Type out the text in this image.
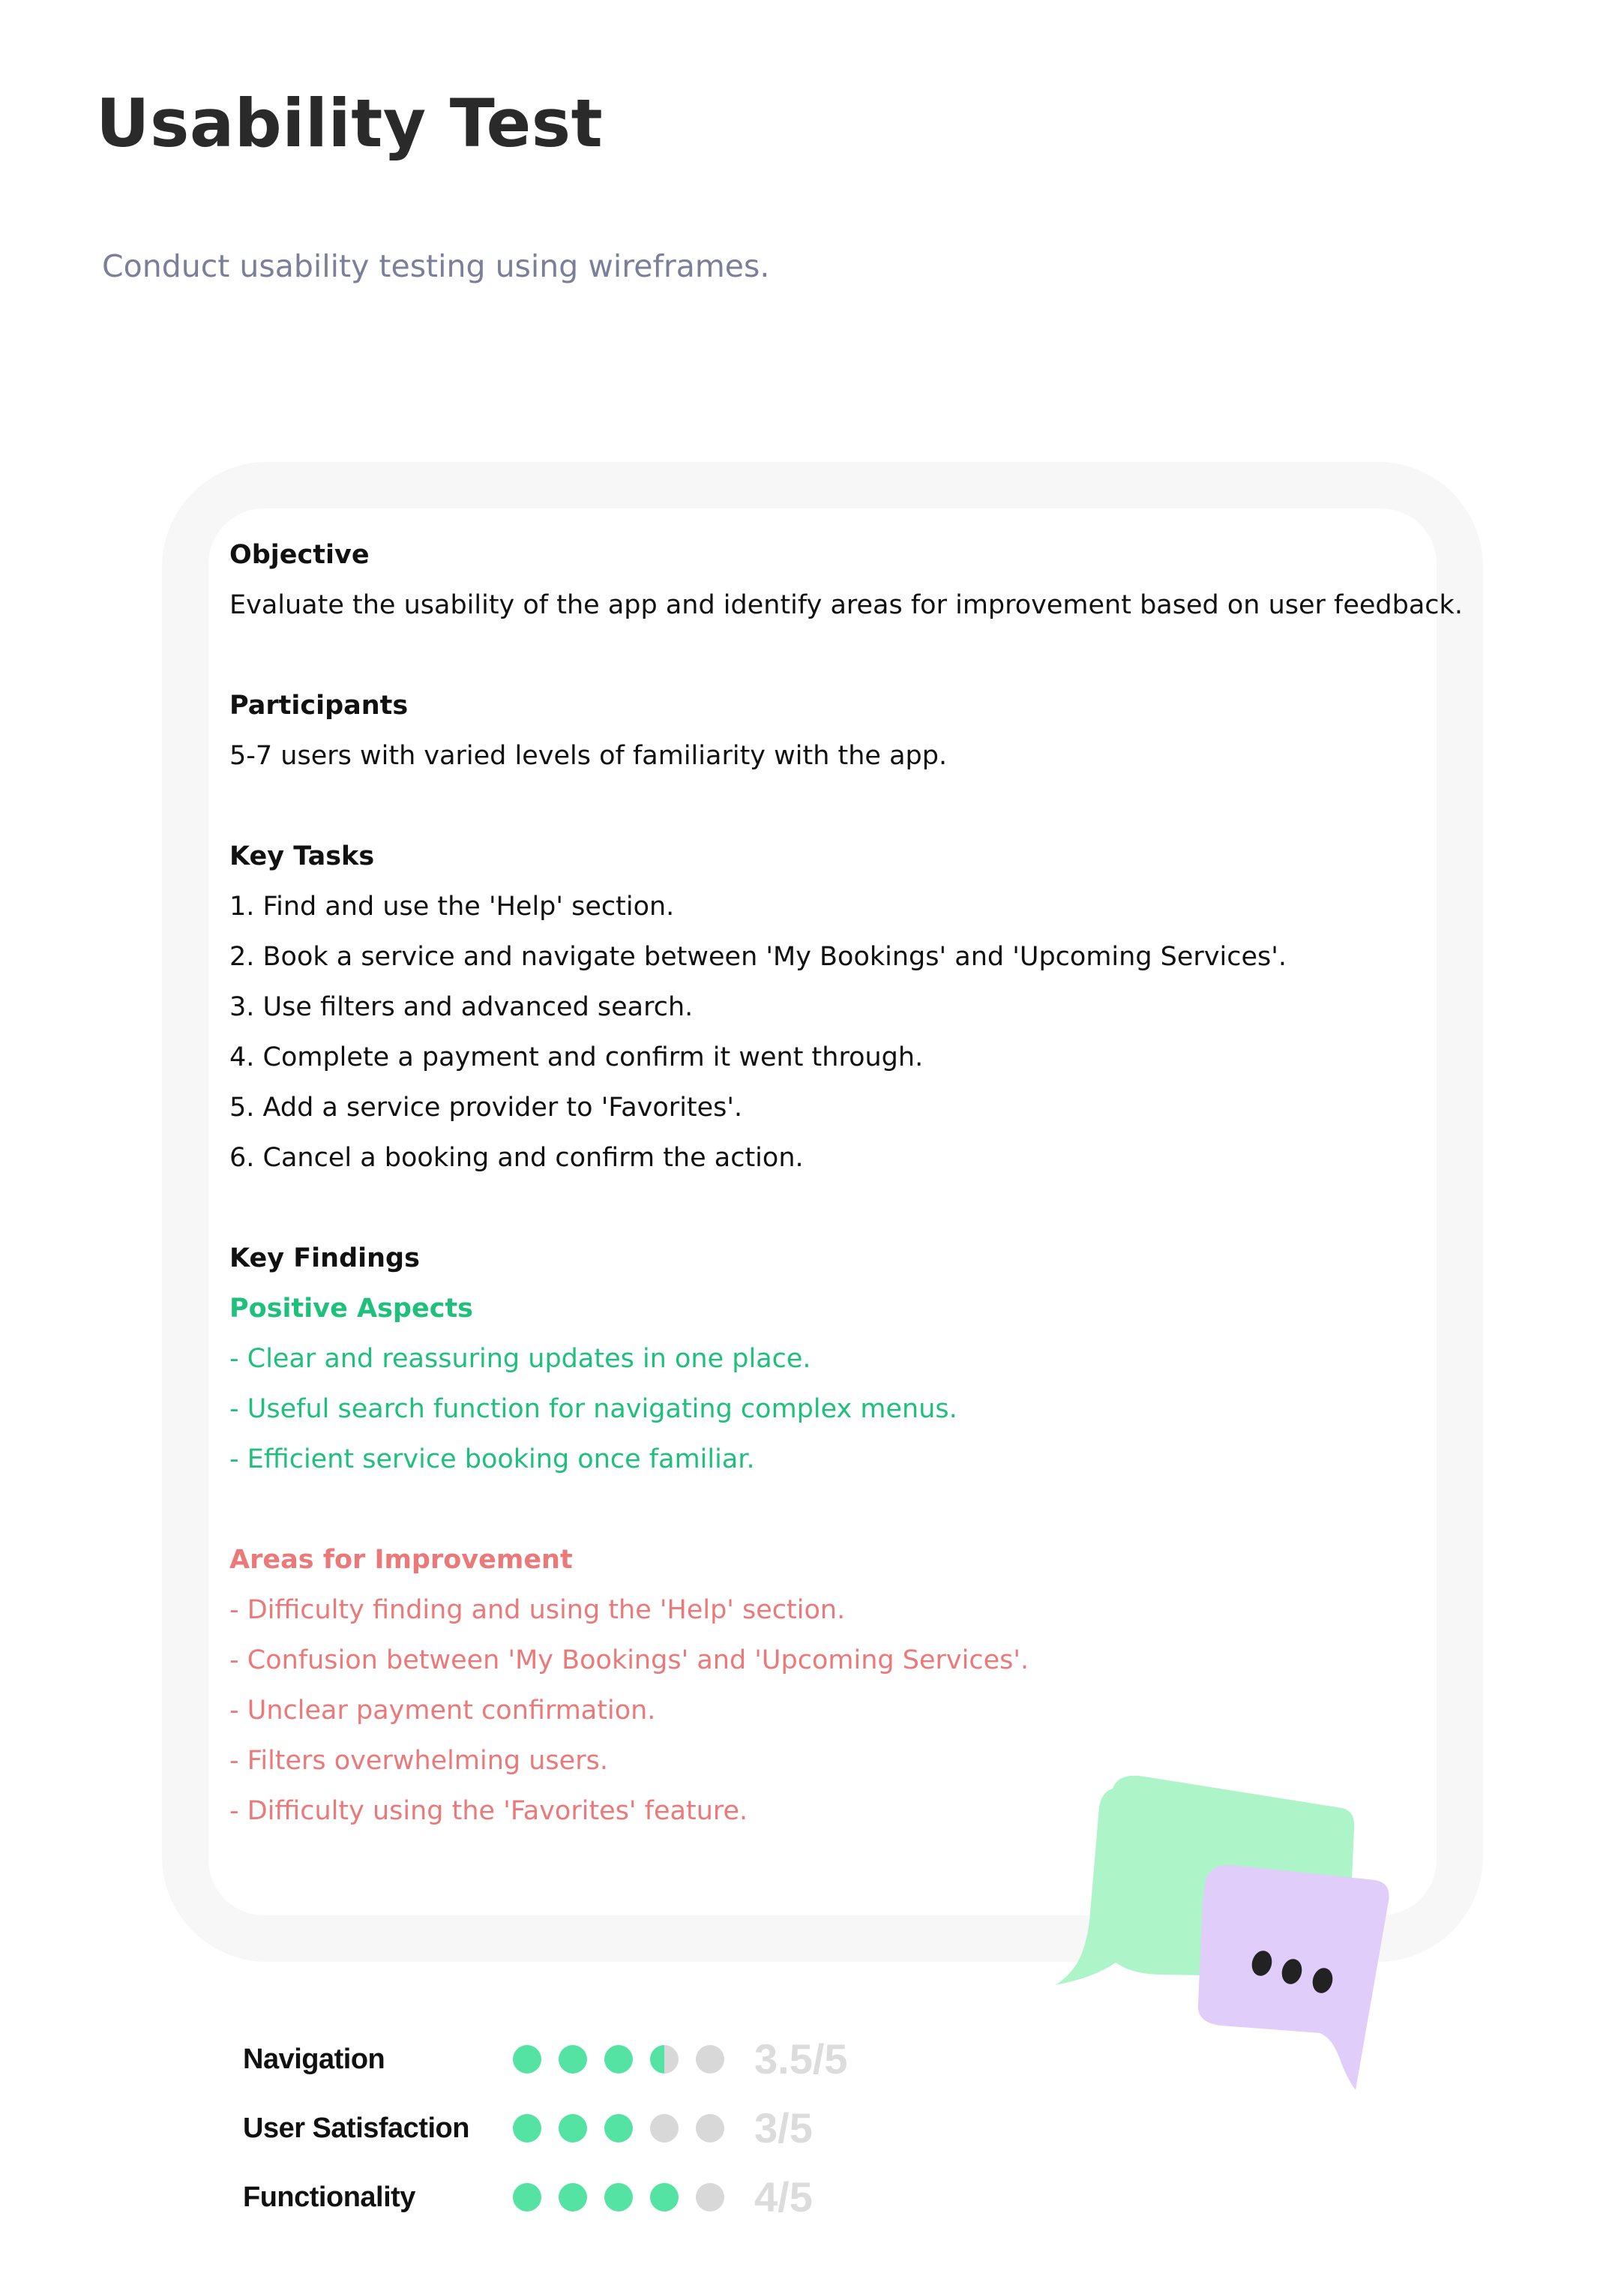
Usability Test

Conduct usability testing using wireframes.

Objective

Evaluate the usability of the app and identify areas for improvement based on user feedback.

Participants

5-7 users with varied levels of familiarity with the app.

Key Tasks

1. Find and use the 'Help' section.

2. Book a service and navigate between 'My Bookings' and 'Upcoming Services'.

3. Use filters and advanced search.

4. Complete a payment and confirm it went through.

5. Add a service provider to 'Favorites'.

6. Cancel a booking and confirm the action.

Key Findings

Positive Aspects

- Clear and reassuring updates in one place.

- Useful search function for navigating complex menus.

- Efficient service booking once familiar.

Areas for Improvement

- Difficulty finding and using the 'Help' section.

- Confusion between 'My Bookings' and 'Upcoming Services'.

- Unclear payment confirmation.

- Filters overwhelming users.

- Difficulty using the 'Favorites' feature.

Navigation	3.5/5
User Satisfaction	3/5
Functionality	4/5
